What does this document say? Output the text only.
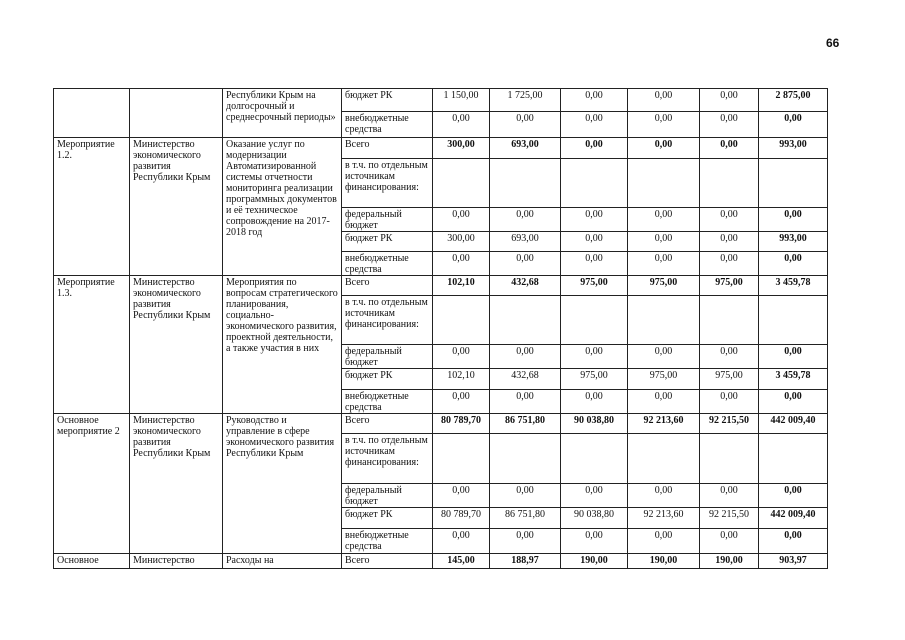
66
		Республики Крым на долгосрочный и среднесрочный периоды»	бюджет РК	1 150,00	1 725,00	0,00	0,00	0,00	2 875,00
			внебюджетные средства	0,00	0,00	0,00	0,00	0,00	0,00
Мероприятие 1.2.	Министерство экономического развития Республики Крым	Оказание услуг по модернизации Автоматизированной системы отчетности мониторинга реализации программных документов и её техническое сопровождение на 2017-2018 год	Всего	300,00	693,00	0,00	0,00	0,00	993,00
			в т.ч. по отдельным источникам финансирования:						
			федеральный бюджет	0,00	0,00	0,00	0,00	0,00	0,00
			бюджет РК	300,00	693,00	0,00	0,00	0,00	993,00
			внебюджетные средства	0,00	0,00	0,00	0,00	0,00	0,00
Мероприятие 1.3.	Министерство экономического развития Республики Крым	Мероприятия по вопросам стратегического планирования, социально-экономического развития, проектной деятельности, а также участия в них	Всего	102,10	432,68	975,00	975,00	975,00	3 459,78
			в т.ч. по отдельным источникам финансирования:						
			федеральный бюджет	0,00	0,00	0,00	0,00	0,00	0,00
			бюджет РК	102,10	432,68	975,00	975,00	975,00	3 459,78
			внебюджетные средства	0,00	0,00	0,00	0,00	0,00	0,00
Основное мероприятие 2	Министерство экономического развития Республики Крым	Руководство и управление в сфере экономического развития Республики Крым	Всего	80 789,70	86 751,80	90 038,80	92 213,60	92 215,50	442 009,40
			в т.ч. по отдельным источникам финансирования:						
			федеральный бюджет	0,00	0,00	0,00	0,00	0,00	0,00
			бюджет РК	80 789,70	86 751,80	90 038,80	92 213,60	92 215,50	442 009,40
			внебюджетные средства	0,00	0,00	0,00	0,00	0,00	0,00
Основное	Министерство	Расходы на	Всего	145,00	188,97	190,00	190,00	190,00	903,97
